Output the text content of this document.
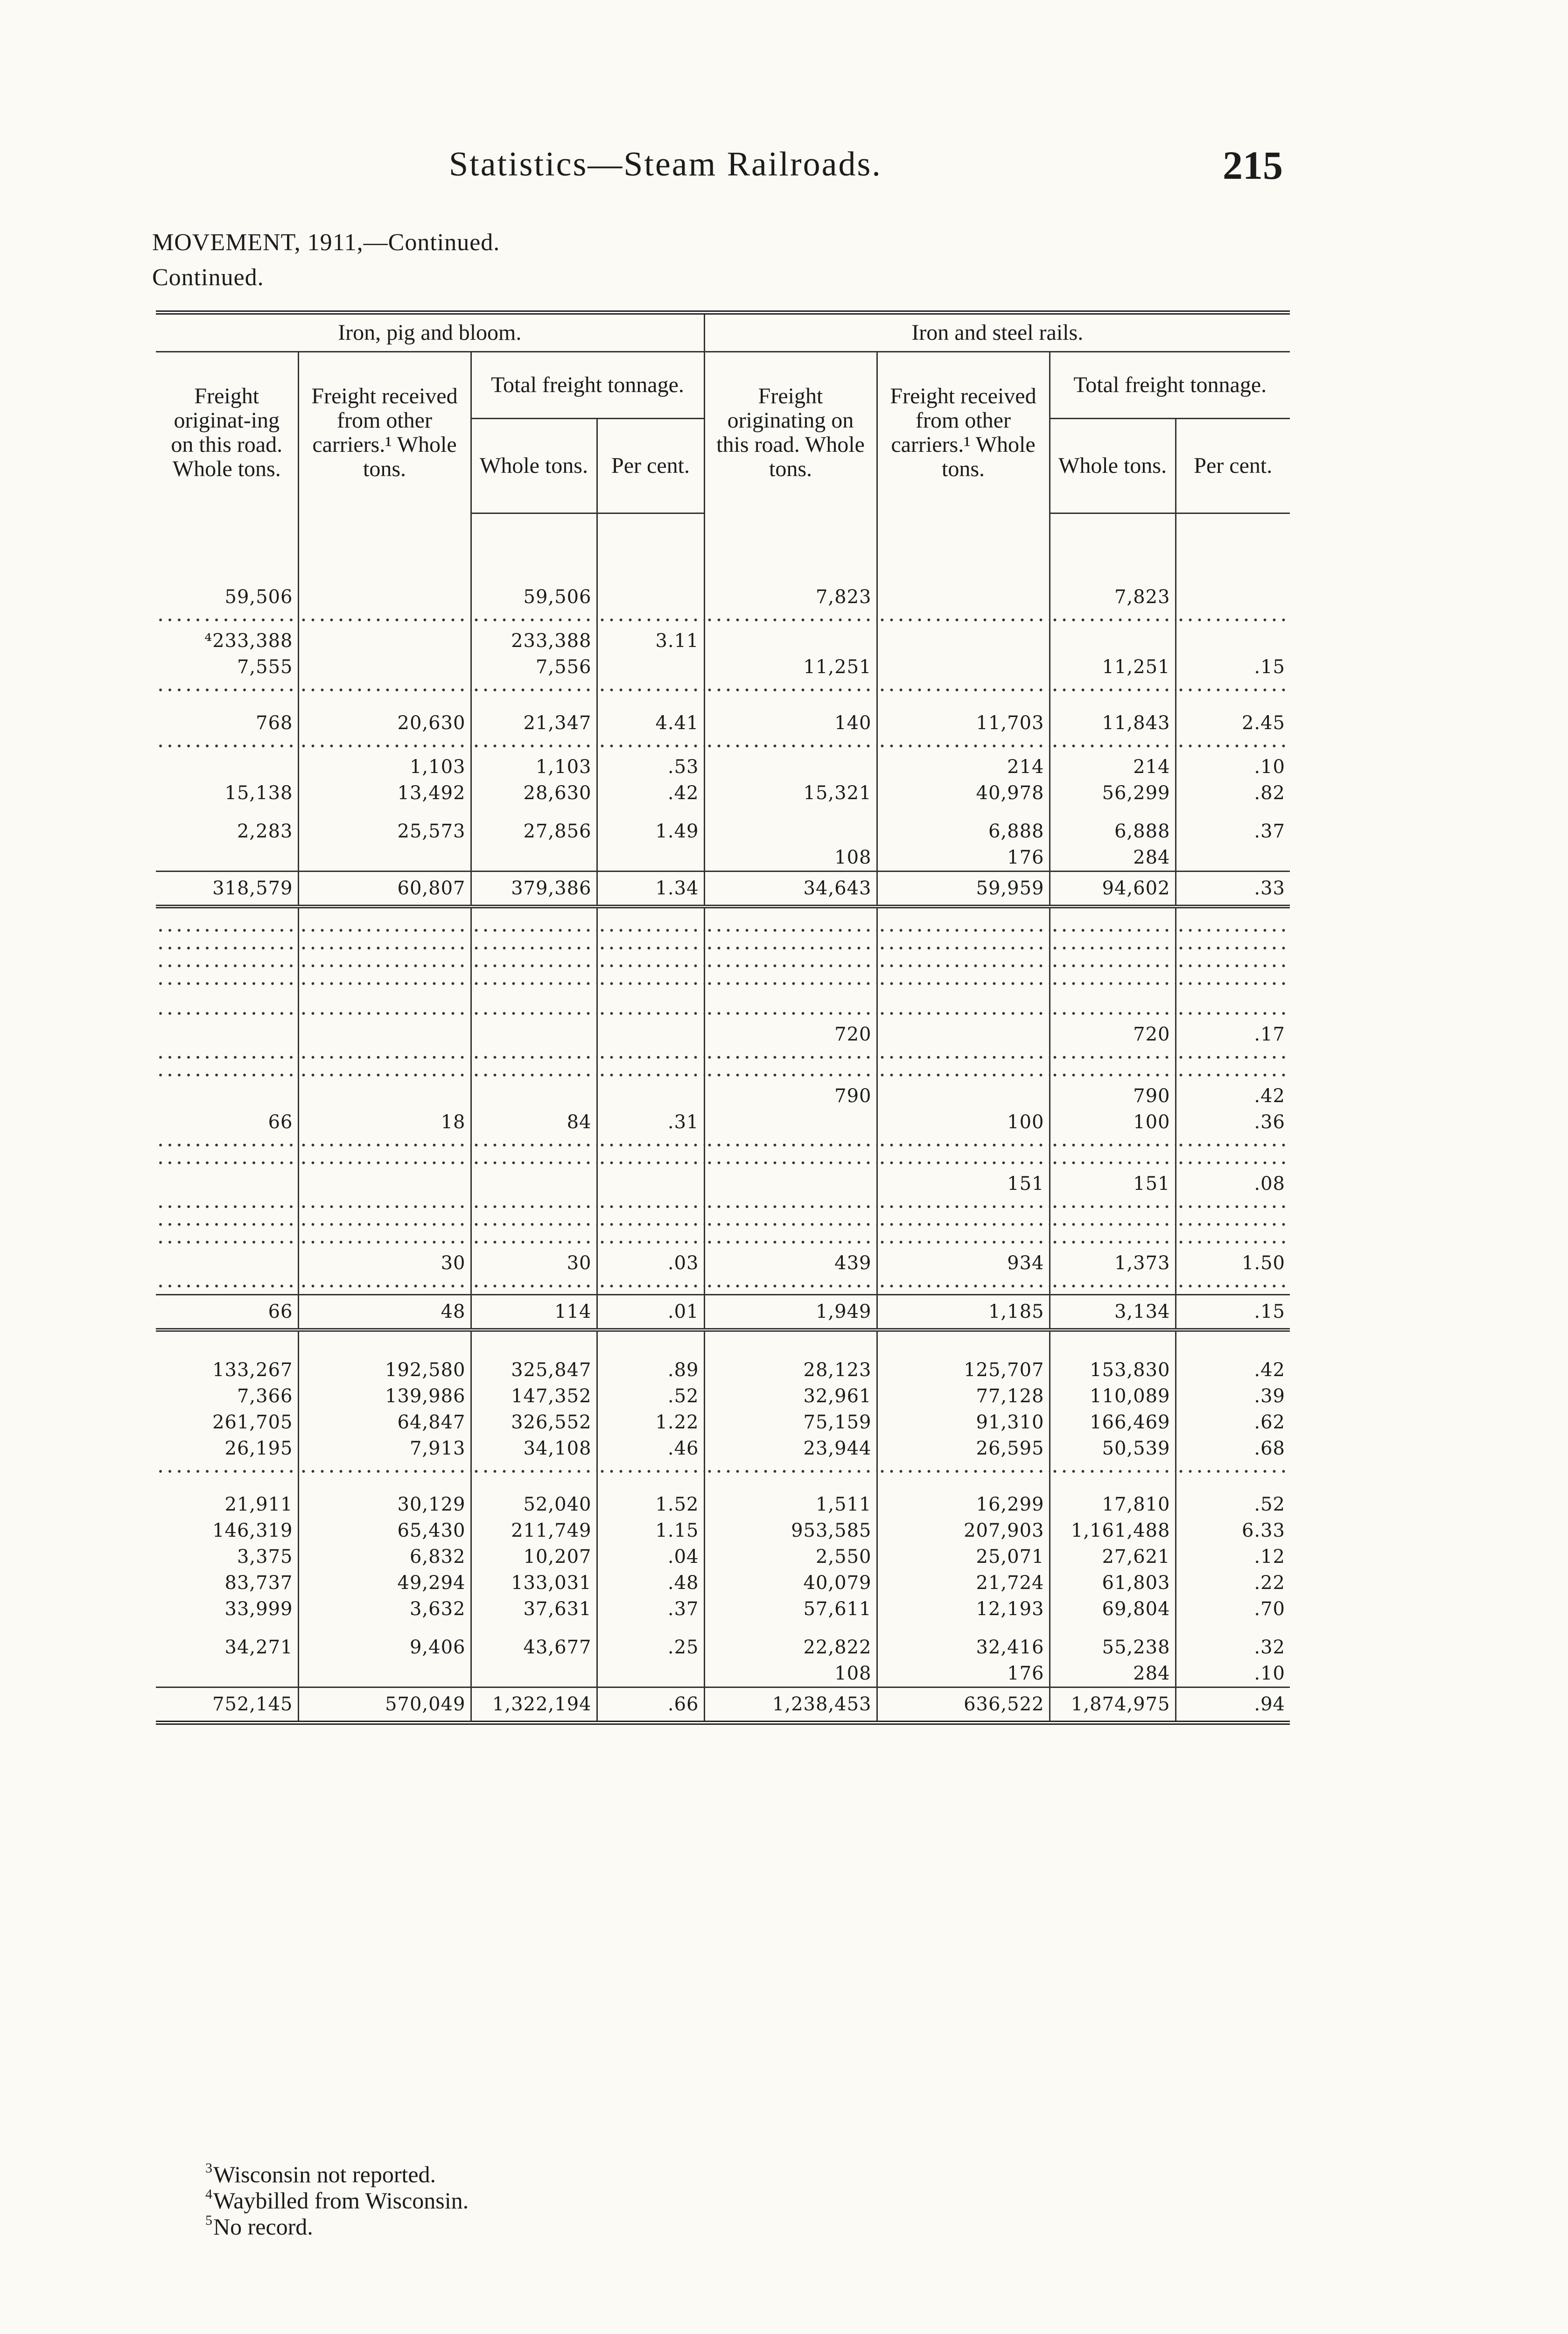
Statistics—Steam Railroads.	215
MOVEMENT, 1911,—Continued.
Continued.

Iron, pig and bloom.				Iron and steel rails.			
Freight originat-ing on this road. Whole tons.	Freight received from other carriers.¹ Whole tons.	Total freight tonnage.		Freight originating on this road. Whole tons.	Freight received from other carriers.¹ Whole tons.	Total freight tonnage.	
		Whole tons.	Per cent.			Whole tons.	Per cent.

59,506		59,506		7,823		7,823	

⁴233,388		233,388	3.11				
7,555		7,556		11,251		11,251	.15

768	20,630	21,347	4.41	140	11,703	11,843	2.45

	1,103	1,103	.53		214	214	.10
15,138	13,492	28,630	.42	15,321	40,978	56,299	.82

2,283	25,573	27,856	1.49		6,888	6,888	.37
				108	176	284	
318,579	60,807	379,386	1.34	34,643	59,959	94,602	.33

				720		720	.17

				790		790	.42
66	18	84	.31		100	100	.36

					151	151	.08

	30	30	.03	439	934	1,373	1.50

66	48	114	.01	1,949	1,185	3,134	.15

133,267	192,580	325,847	.89	28,123	125,707	153,830	.42
7,366	139,986	147,352	.52	32,961	77,128	110,089	.39
261,705	64,847	326,552	1.22	75,159	91,310	166,469	.62
26,195	7,913	34,108	.46	23,944	26,595	50,539	.68

21,911	30,129	52,040	1.52	1,511	16,299	17,810	.52
146,319	65,430	211,749	1.15	953,585	207,903	1,161,488	6.33
3,375	6,832	10,207	.04	2,550	25,071	27,621	.12
83,737	49,294	133,031	.48	40,079	21,724	61,803	.22
33,999	3,632	37,631	.37	57,611	12,193	69,804	.70

34,271	9,406	43,677	.25	22,822	32,416	55,238	.32
				108	176	284	.10
752,145	570,049	1,322,194	.66	1,238,453	636,522	1,874,975	.94

$^3$Wisconsin not reported.
$^4$Waybilled from Wisconsin.
$^5$No record.
